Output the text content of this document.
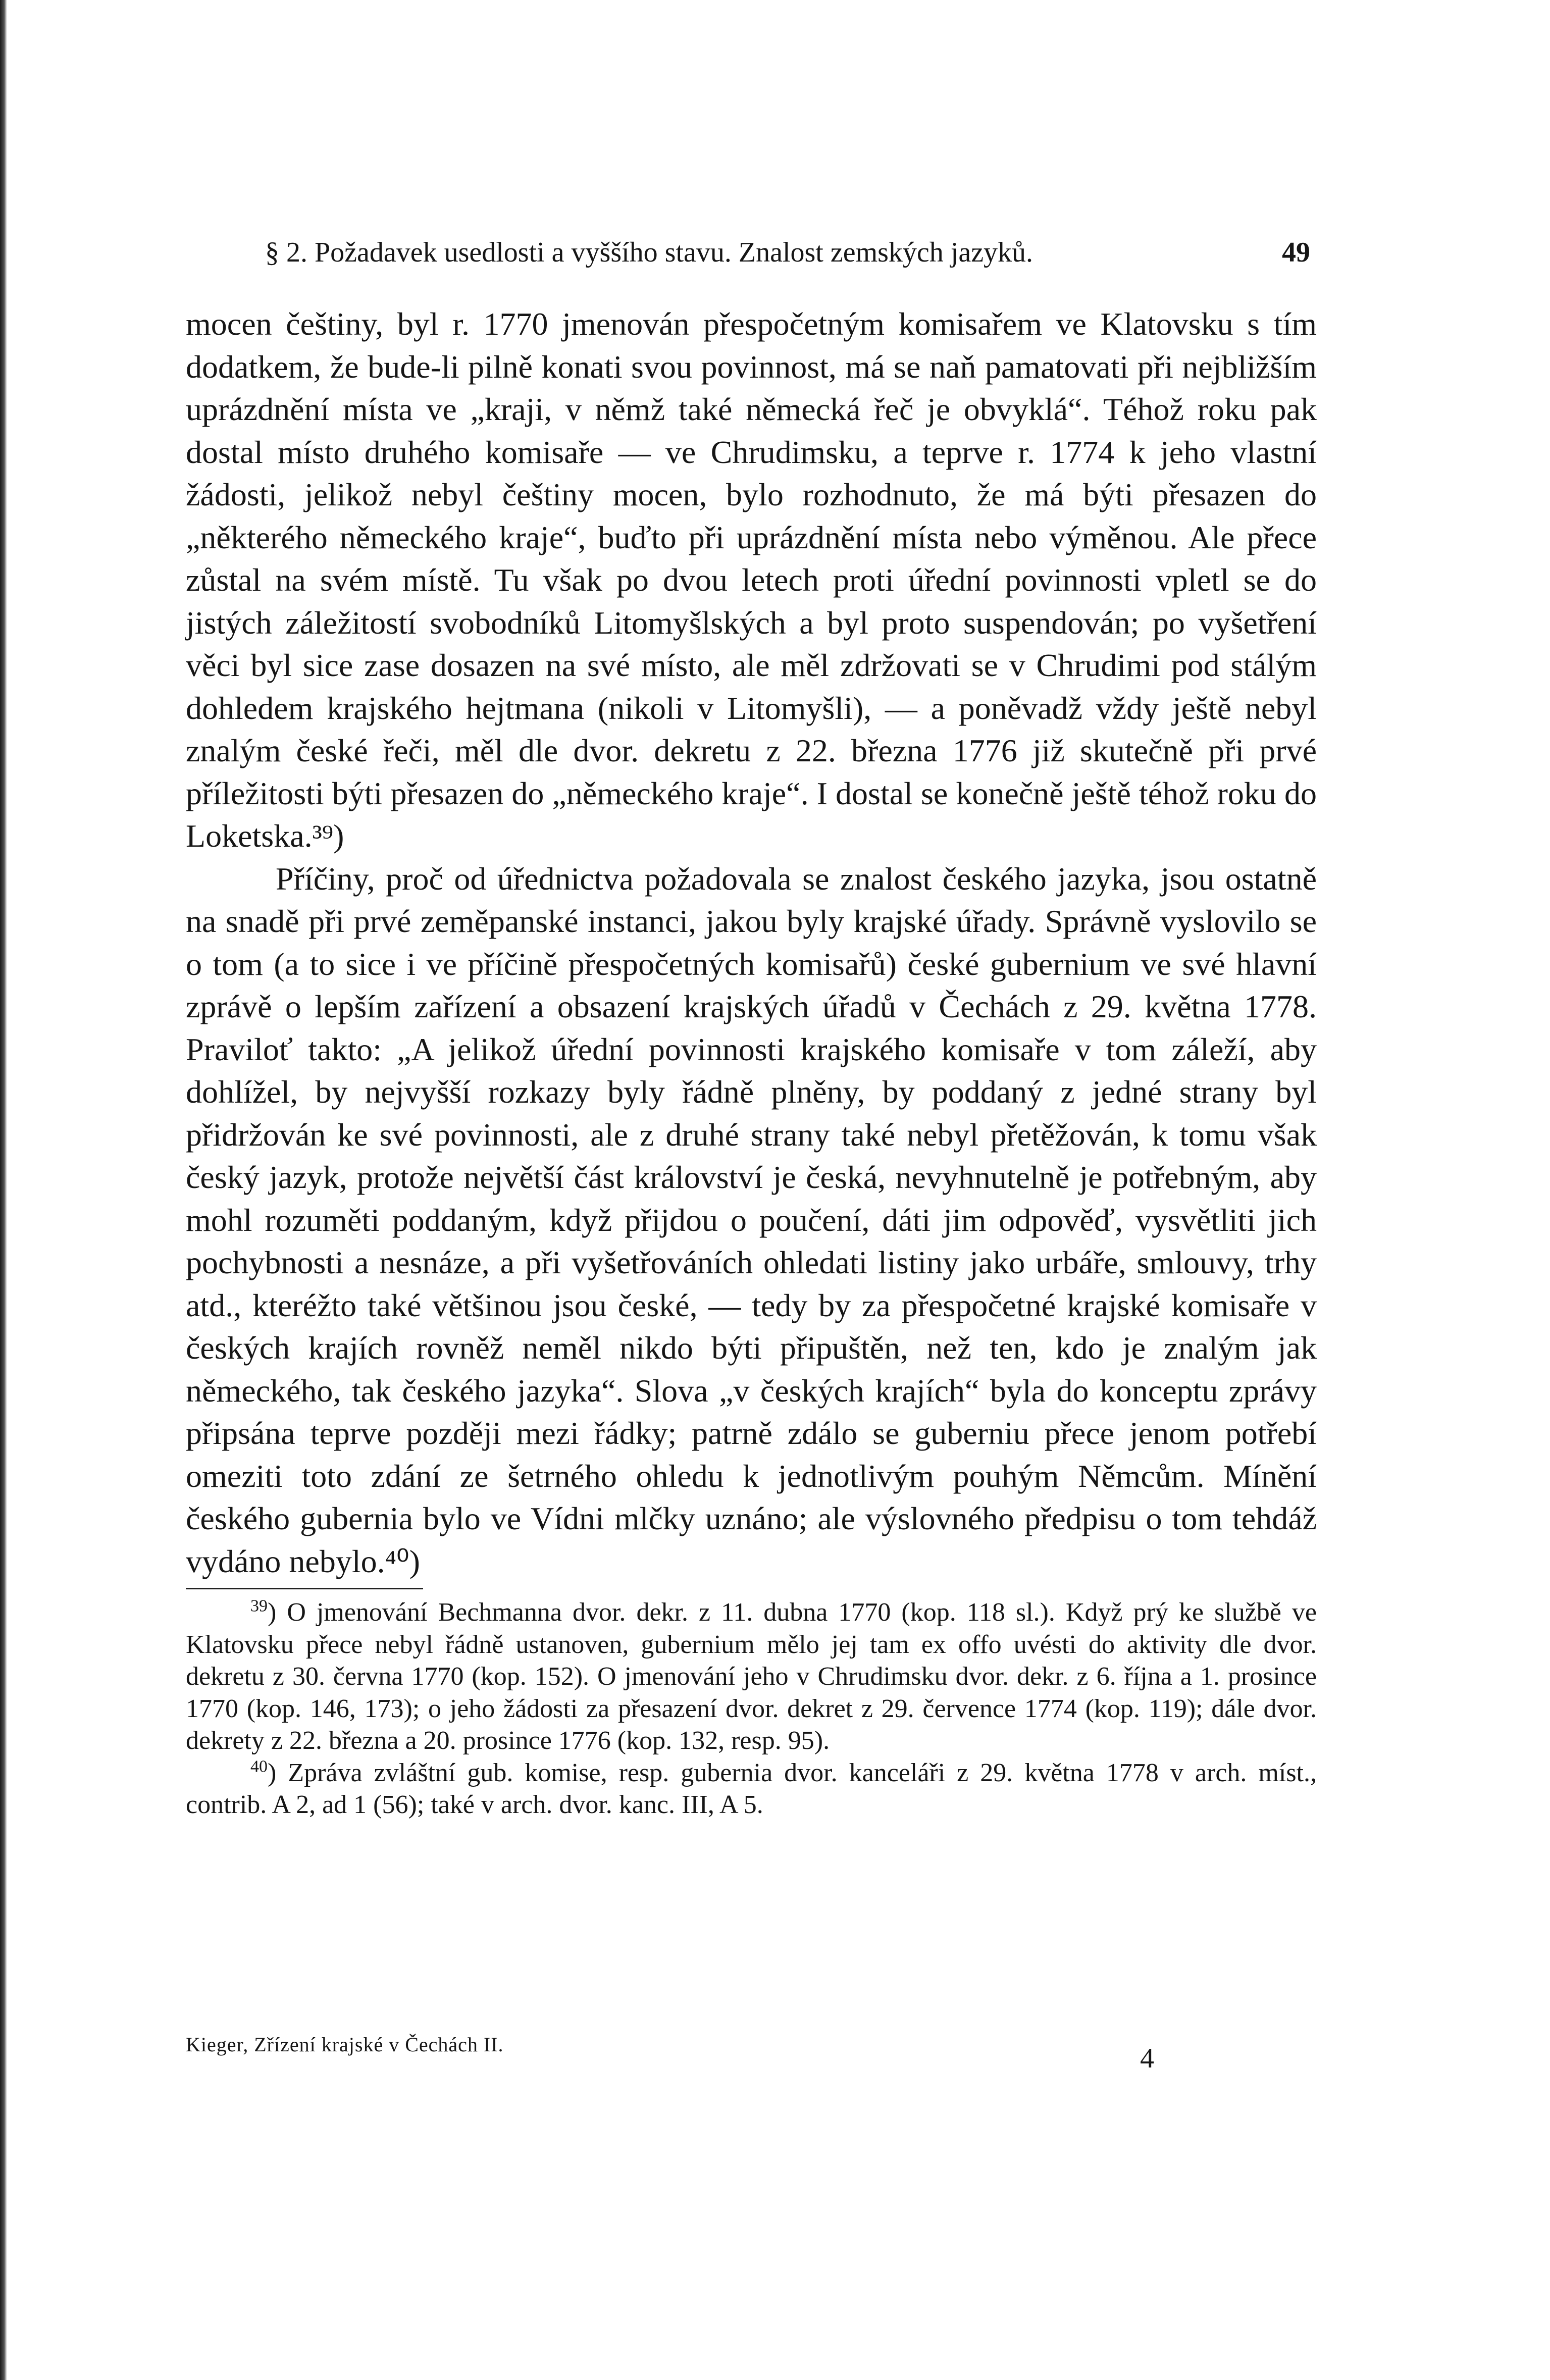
§ 2. Požadavek usedlosti a vyššího stavu. Znalost zemských jazyků.	49

mocen češtiny, byl r. 1770 jmenován přespočetným komisařem ve Klatovsku s tím dodatkem, že bude-li pilně konati svou povinnost, má se naň pamatovati při nejbližším uprázdnění místa ve „kraji, v němž také německá řeč je obvyklá“. Téhož roku pak dostal místo druhého komisaře — ve Chrudimsku, a teprve r. 1774 k jeho vlastní žádosti, jelikož nebyl češtiny mocen, bylo rozhodnuto, že má býti přesazen do „některého německého kraje“, buďto při uprázdnění místa nebo výměnou. Ale přece zůstal na svém místě. Tu však po dvou letech proti úřední povinnosti vpletl se do jistých záležitostí svobodníků Litomyšlských a byl proto suspendován; po vyšetření věci byl sice zase dosazen na své místo, ale měl zdržovati se v Chrudimi pod stálým dohledem krajského hejtmana (nikoli v Litomyšli), — a poněvadž vždy ještě nebyl znalým české řeči, měl dle dvor. dekretu z 22. března 1776 již skutečně při prvé příležitosti býti přesazen do „německého kraje“. I dostal se konečně ještě téhož roku do Loketska.³⁹)

Příčiny, proč od úřednictva požadovala se znalost českého jazyka, jsou ostatně na snadě při prvé zeměpanské instanci, jakou byly krajské úřady. Správně vyslovilo se o tom (a to sice i ve příčině přespočetných komisařů) české gubernium ve své hlavní zprávě o lepším zařízení a obsazení krajských úřadů v Čechách z 29. května 1778. Praviloť takto: „A jelikož úřední povinnosti krajského komisaře v tom záleží, aby dohlížel, by nejvyšší rozkazy byly řádně plněny, by poddaný z jedné strany byl přidržován ke své povinnosti, ale z druhé strany také nebyl přetěžován, k tomu však český jazyk, protože největší část království je česká, nevyhnutelně je potřebným, aby mohl rozuměti poddaným, když přijdou o poučení, dáti jim odpověď, vysvětliti jich pochybnosti a nesnáze, a při vyšetřováních ohledati listiny jako urbáře, smlouvy, trhy atd., kteréžto také většinou jsou české, — tedy by za přespočetné krajské komisaře v českých krajích rovněž neměl nikdo býti připuštěn, než ten, kdo je znalým jak německého, tak českého jazyka“. Slova „v českých krajích“ byla do konceptu zprávy připsána teprve později mezi řádky; patrně zdálo se guberniu přece jenom potřebí omeziti toto zdání ze šetrného ohledu k jednotlivým pouhým Němcům. Mínění českého gubernia bylo ve Vídni mlčky uznáno; ale výslovného předpisu o tom tehdáž vydáno nebylo.⁴⁰)

$^{39}$) O jmenování Bechmanna dvor. dekr. z 11. dubna 1770 (kop. 118 sl.). Když prý ke službě ve Klatovsku přece nebyl řádně ustanoven, gubernium mělo jej tam ex offo uvésti do aktivity dle dvor. dekretu z 30. června 1770 (kop. 152). O jmenování jeho v Chrudimsku dvor. dekr. z 6. října a 1. prosince 1770 (kop. 146, 173); o jeho žádosti za přesazení dvor. dekret z 29. července 1774 (kop. 119); dále dvor. dekrety z 22. března a 20. prosince 1776 (kop. 132, resp. 95).

$^{40}$) Zpráva zvláštní gub. komise, resp. gubernia dvor. kanceláři z 29. května 1778 v arch. míst., contrib. A 2, ad 1 (56); také v arch. dvor. kanc. III, A 5.

Kieger, Zřízení krajské v Čechách II.	4
